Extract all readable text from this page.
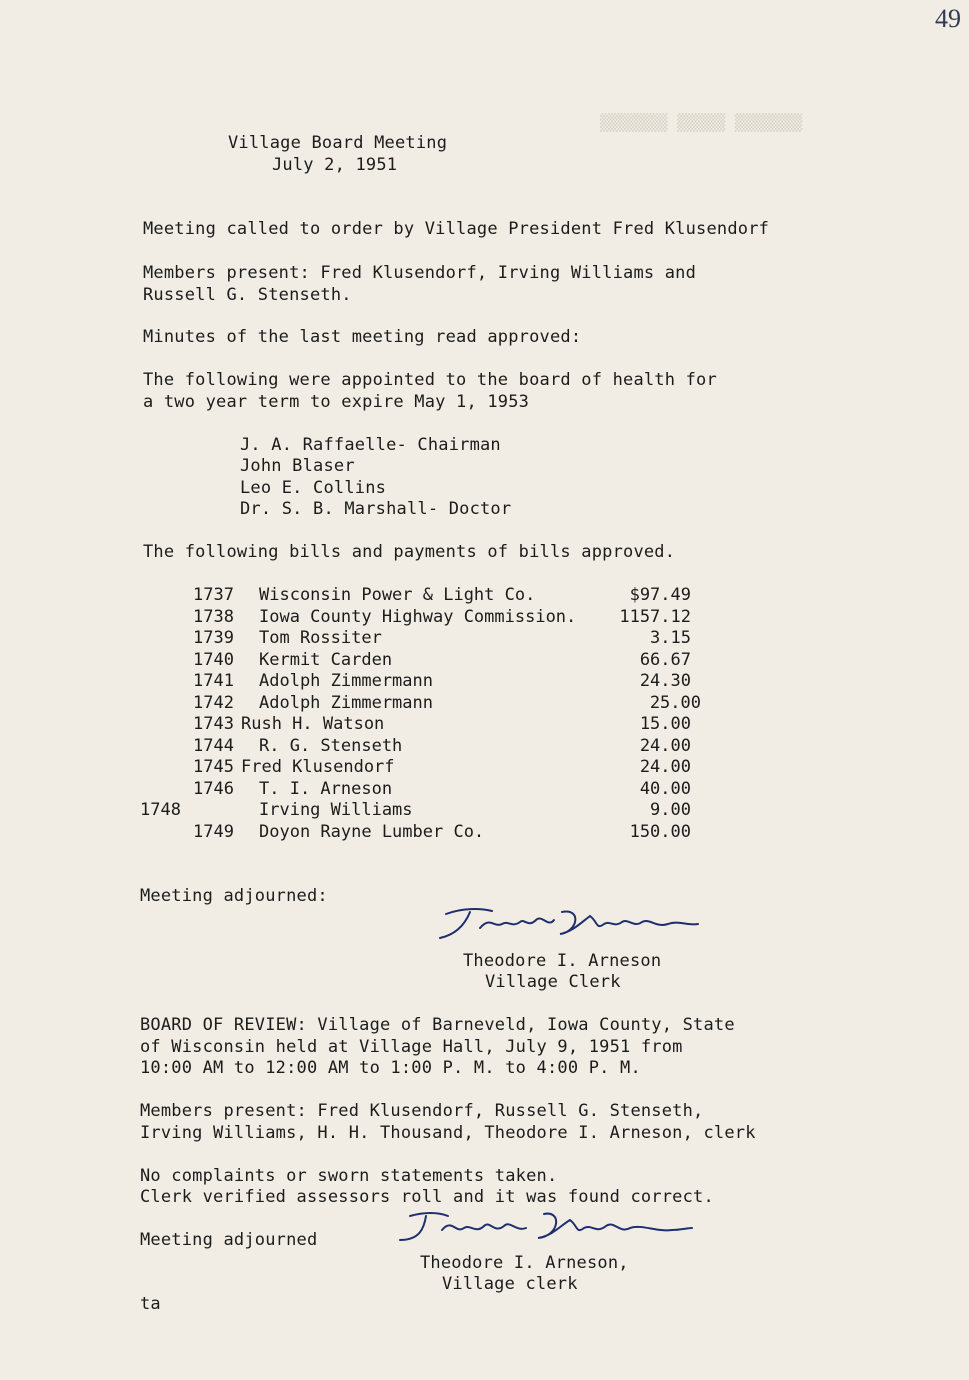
49
▒▒▒▒▒▒▒ ▒▒▒▒▒ ▒▒▒▒▒▒▒
Village Board Meeting
July 2, 1951
Meeting called to order by Village President Fred Klusendorf
Members present: Fred Klusendorf, Irving Williams and
Russell G. Stenseth.
Minutes of the last meeting read approved:
The following were appointed to the board of health for
a two year term to expire May 1, 1953
J. A. Raffaelle- Chairman
John Blaser
Leo E. Collins
Dr. S. B. Marshall- Doctor
The following bills and payments of bills approved.
1737 Wisconsin Power & Light Co.	$97.49
1738 Iowa County Highway Commission.	1157.12
1739 Tom Rossiter	3.15
1740 Kermit Carden	66.67
1741 Adolph Zimmermann	24.30
1742 Adolph Zimmermann	25.00
1743 Rush H. Watson	15.00
1744 R. G. Stenseth	24.00
1745 Fred Klusendorf	24.00
1746 T. I. Arneson	40.00
1748	Irving Williams	9.00
1749 Doyon Rayne Lumber Co.	150.00
Meeting adjourned:
Theodore I. Arneson
Village Clerk
BOARD OF REVIEW: Village of Barneveld, Iowa County, State
of Wisconsin held at Village Hall, July 9, 1951 from
10:00 AM to 12:00 AM to 1:00 P. M. to 4:00 P. M.
Members present: Fred Klusendorf, Russell G. Stenseth,
Irving Williams, H. H. Thousand, Theodore I. Arneson, clerk
No complaints or sworn statements taken.
Clerk verified assessors roll and it was found correct.
Meeting adjourned
Theodore I. Arneson,
Village clerk
ta
